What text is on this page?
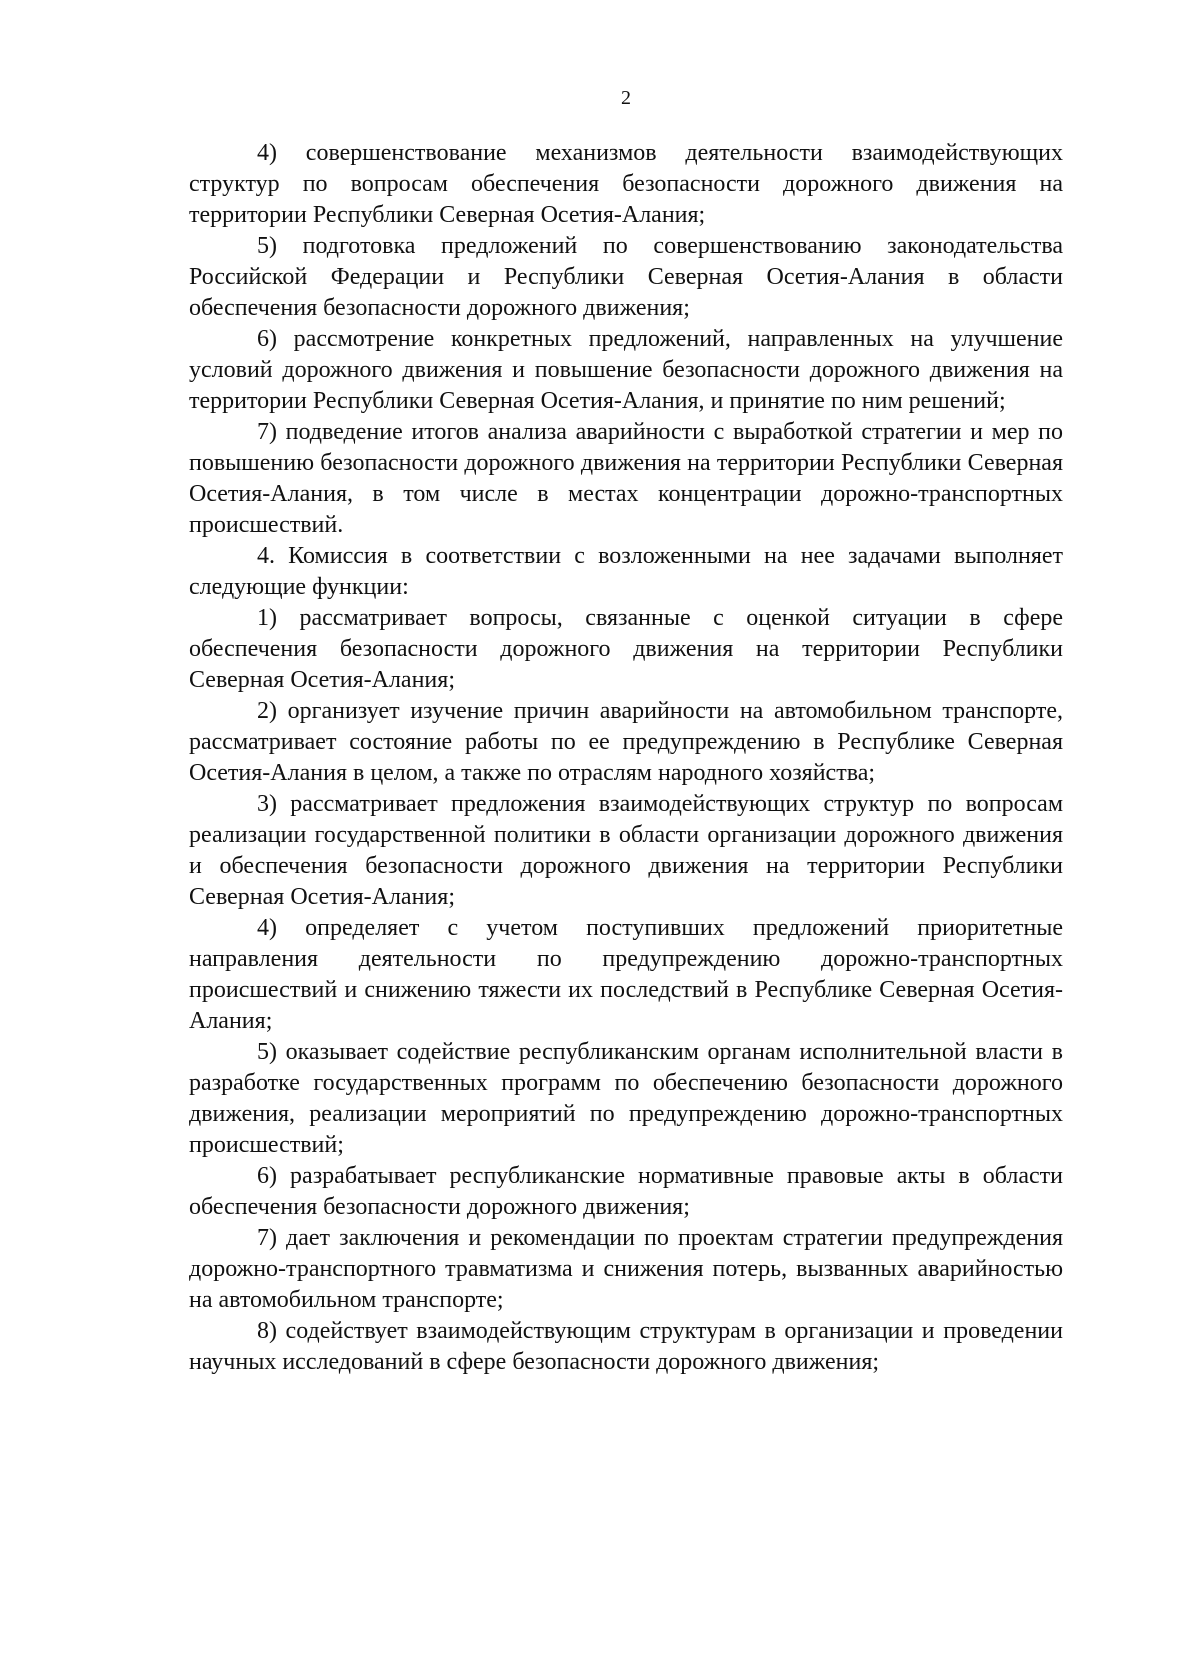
2

4) совершенствование механизмов деятельности взаимодействующих структур по вопросам обеспечения безопасности дорожного движения на территории Республики Северная Осетия-Алания;

5) подготовка предложений по совершенствованию законодательства Российской Федерации и Республики Северная Осетия-Алания в области обеспечения безопасности дорожного движения;

6) рассмотрение конкретных предложений, направленных на улучшение условий дорожного движения и повышение безопасности дорожного движения на территории Республики Северная Осетия-Алания, и принятие по ним решений;

7) подведение итогов анализа аварийности с выработкой стратегии и мер по повышению безопасности дорожного движения на территории Республики Северная Осетия-Алания, в том числе в местах концентрации дорожно-транспортных происшествий.

4. Комиссия в соответствии с возложенными на нее задачами выполняет следующие функции:

1) рассматривает вопросы, связанные с оценкой ситуации в сфере обеспечения безопасности дорожного движения на территории Республики Северная Осетия-Алания;

2) организует изучение причин аварийности на автомобильном транспорте, рассматривает состояние работы по ее предупреждению в Республике Северная Осетия-Алания в целом, а также по отраслям народного хозяйства;

3) рассматривает предложения взаимодействующих структур по вопросам реализации государственной политики в области организации дорожного движения и обеспечения безопасности дорожного движения на территории Республики Северная Осетия-Алания;

4) определяет с учетом поступивших предложений приоритетные направления деятельности по предупреждению дорожно-транспортных происшествий и снижению тяжести их последствий в Республике Северная Осетия-Алания;

5) оказывает содействие республиканским органам исполнительной власти в разработке государственных программ по обеспечению безопасности дорожного движения, реализации мероприятий по предупреждению дорожно-транспортных происшествий;

6) разрабатывает республиканские нормативные правовые акты в области обеспечения безопасности дорожного движения;

7) дает заключения и рекомендации по проектам стратегии предупреждения дорожно-транспортного травматизма и снижения потерь, вызванных аварийностью на автомобильном транспорте;

8) содействует взаимодействующим структурам в организации и проведении научных исследований в сфере безопасности дорожного движения;
